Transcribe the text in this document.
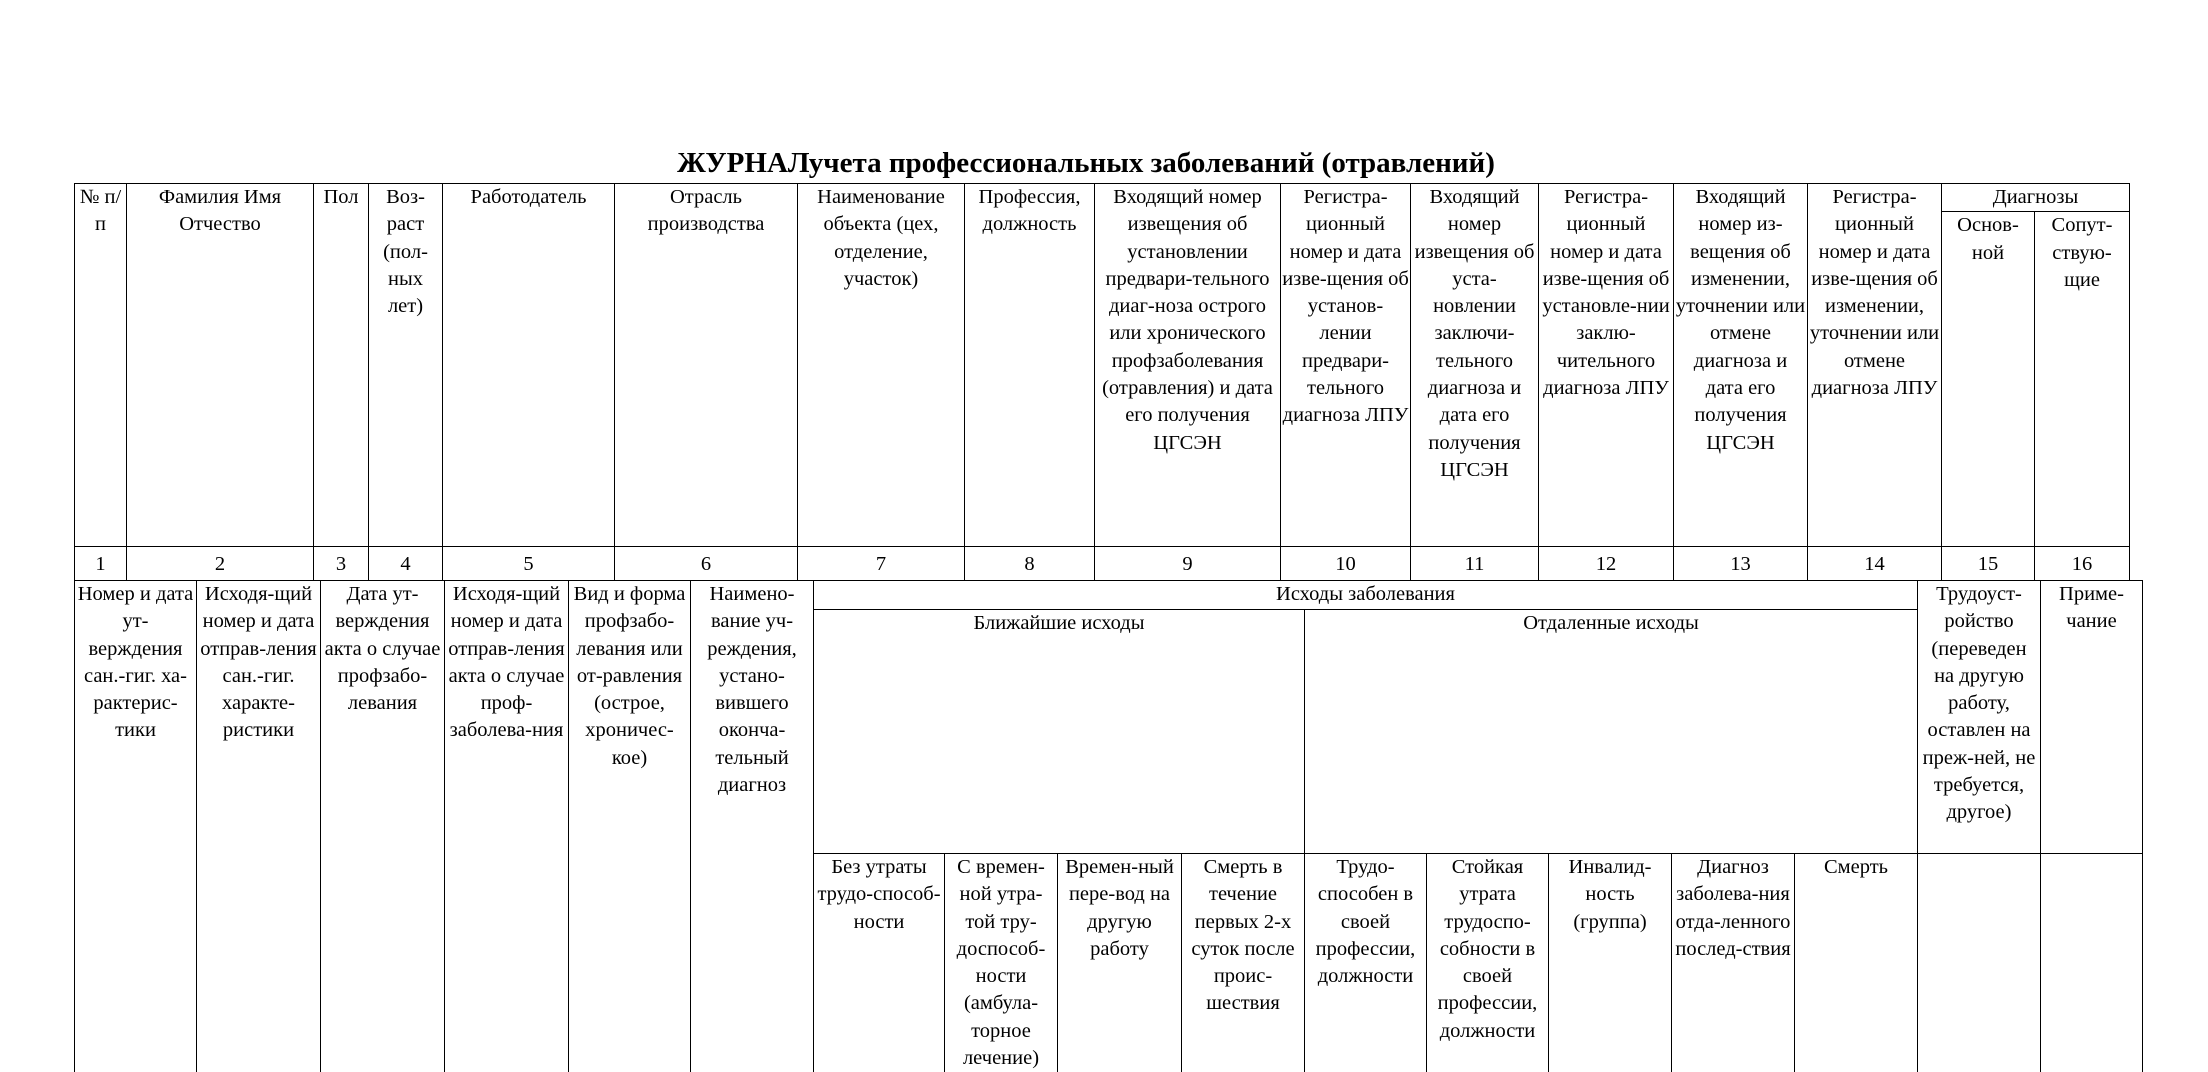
ЖУРНАЛучета профессиональных заболеваний (отравлений)
№ п/п	Фамилия Имя Отчество	Пол	Воз-раст (пол-ных лет)	Работодатель	Отрасль производства	Наименование объекта (цех, отделение, участок)	Профессия, должность	Входящий номер извещения об установлении предвари-тельного диаг-ноза острого или хронического профзаболевания (отравления) и дата его получения ЦГСЭН	Регистра-ционный номер и дата изве-щения об установ-лении предвари-тельного диагноза ЛПУ	Входящий номер извещения об уста-новлении заключи-тельного диагноза и дата его получения ЦГСЭН	Регистра-ционный номер и дата изве-щения об установле-нии заклю-чительного диагноза ЛПУ	Входящий номер из-вещения об изменении, уточнении или отмене диагноза и дата его получения ЦГСЭН	Регистра-ционный номер и дата изве-щения об изменении, уточнении или отмене диагноза ЛПУ	Диагнозы	
														Основ-ной	Сопут-ствую-щие
1	2	3	4	5	6	7	8	9	10	11	12	13	14	15	16
Номер и дата ут-верждения сан.-гиг. ха-рактерис-тики	Исходя-щий номер и дата отправ-ления сан.-гиг. характе-ристики	Дата ут-верждения акта о случае профзабо-левания	Исходя-щий номер и дата отправ-ления акта о случае проф-заболева-ния	Вид и форма профзабо-левания или от-равления (острое, хроничес-кое)	Наимено-вание уч-реждения, устано-вившего оконча-тельный диагноз	Исходы заболевания									Трудоуст-ройство (переведен на другую работу, оставлен на преж-ней, не требуется, другое)	Приме-чание
						Ближайшие исходы				Отдаленные исходы						
						Без утраты трудо-способ-ности	С времен-ной утра-той тру-доспособ-ности (амбула-торное лечение)	Времен-ный пере-вод на другую работу	Смерть в течение первых 2-х суток после проис-шествия	Трудо-способен в своей профессии, должности	Стойкая утрата трудоспо-собности в своей профессии, должности	Инвалид-ность (группа)	Диагноз заболева-ния отда-ленного послед-ствия	Смерть		
